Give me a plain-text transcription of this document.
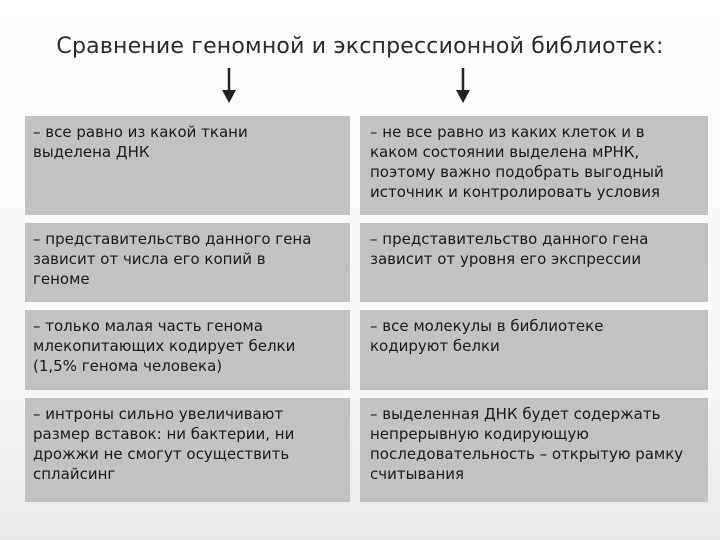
Сравнение геномной и экспрессионной библиотек:
– все равно из какой ткани
выделена ДНК
– не все равно из каких клеток и в
каком состоянии выделена мРНК,
поэтому важно подобрать выгодный
источник и контролировать условия
– представительство данного гена
зависит от числа его копий в
геноме
– представительство данного гена
зависит от уровня его экспрессии
– только малая часть генома
млекопитающих кодирует белки
(1,5% генома человека)
– все молекулы в библиотеке
кодируют белки
– интроны сильно увеличивают
размер вставок: ни бактерии, ни
дрожжи не смогут осуществить
сплайсинг
– выделенная ДНК будет содержать
непрерывную кодирующую
последовательность – открытую рамку
считывания
